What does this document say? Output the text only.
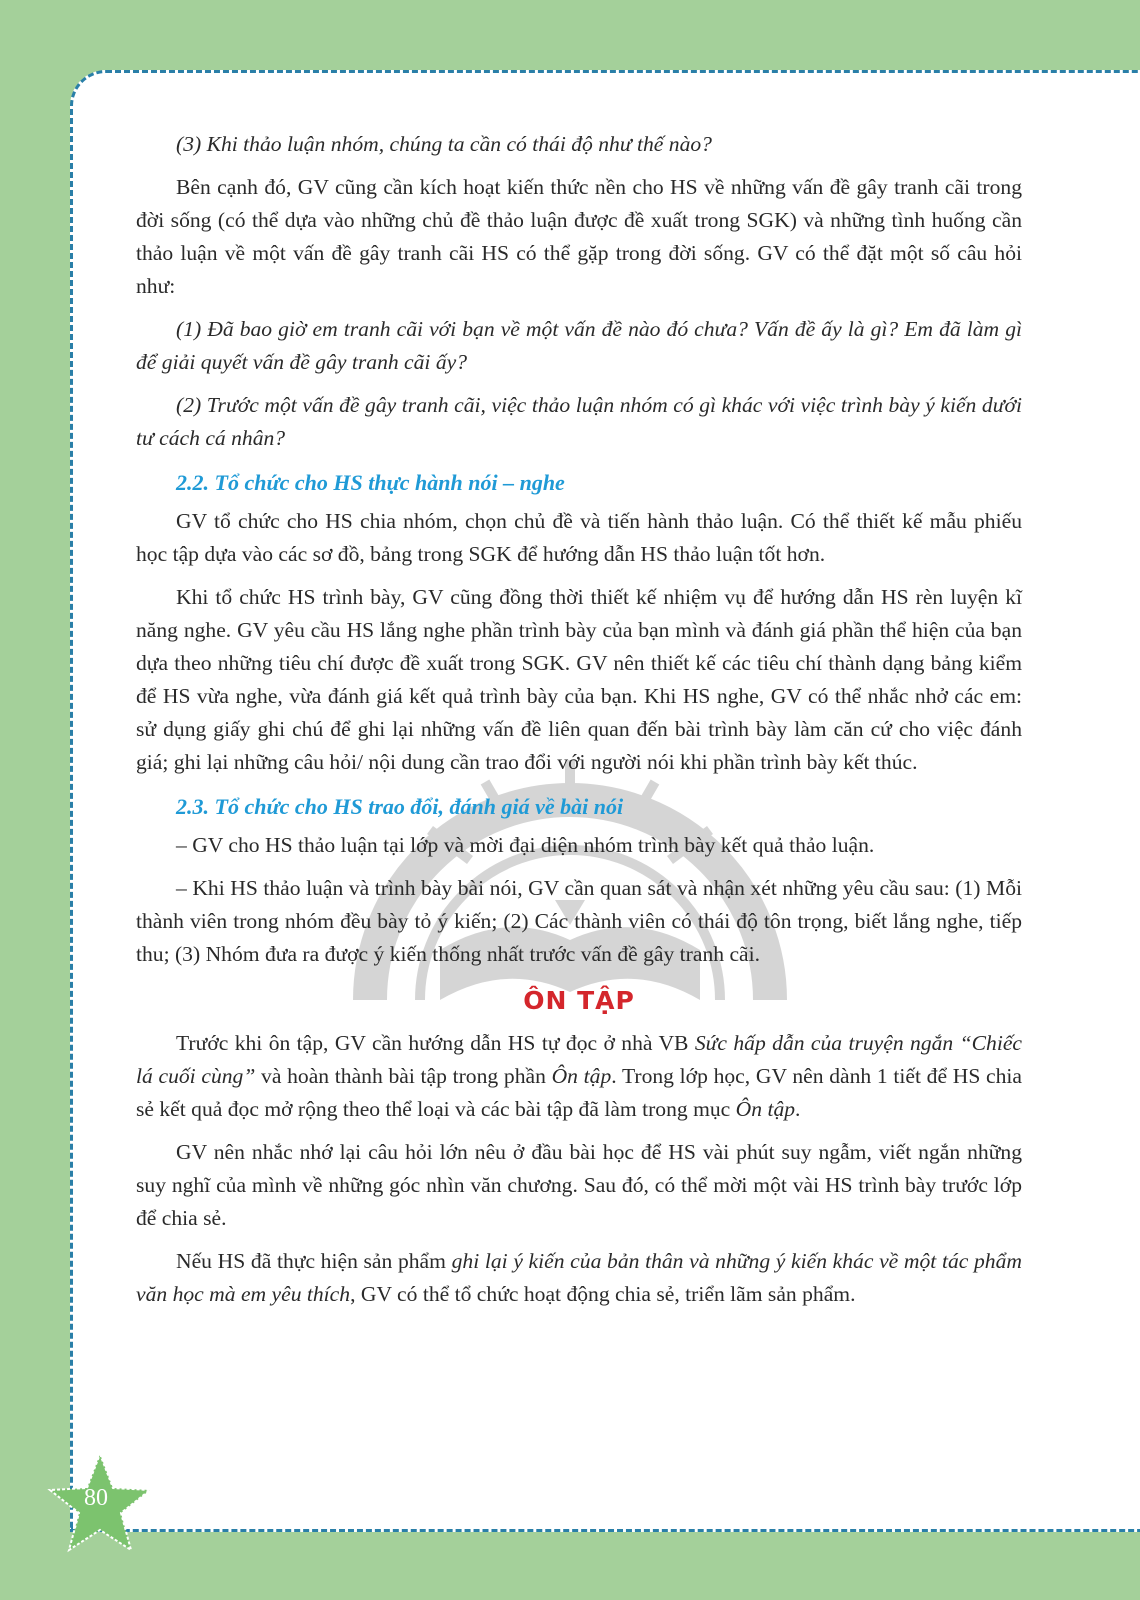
(3) Khi thảo luận nhóm, chúng ta cần có thái độ như thế nào?

Bên cạnh đó, GV cũng cần kích hoạt kiến thức nền cho HS về những vấn đề gây tranh cãi trong đời sống (có thể dựa vào những chủ đề thảo luận được đề xuất trong SGK) và những tình huống cần thảo luận về một vấn đề gây tranh cãi HS có thể gặp trong đời sống. GV có thể đặt một số câu hỏi như:

(1) Đã bao giờ em tranh cãi với bạn về một vấn đề nào đó chưa? Vấn đề ấy là gì? Em đã làm gì để giải quyết vấn đề gây tranh cãi ấy?

(2) Trước một vấn đề gây tranh cãi, việc thảo luận nhóm có gì khác với việc trình bày ý kiến dưới tư cách cá nhân?

2.2. Tổ chức cho HS thực hành nói – nghe

GV tổ chức cho HS chia nhóm, chọn chủ đề và tiến hành thảo luận. Có thể thiết kế mẫu phiếu học tập dựa vào các sơ đồ, bảng trong SGK để hướng dẫn HS thảo luận tốt hơn.

Khi tổ chức HS trình bày, GV cũng đồng thời thiết kế nhiệm vụ để hướng dẫn HS rèn luyện kĩ năng nghe. GV yêu cầu HS lắng nghe phần trình bày của bạn mình và đánh giá phần thể hiện của bạn dựa theo những tiêu chí được đề xuất trong SGK. GV nên thiết kế các tiêu chí thành dạng bảng kiểm để HS vừa nghe, vừa đánh giá kết quả trình bày của bạn. Khi HS nghe, GV có thể nhắc nhở các em: sử dụng giấy ghi chú để ghi lại những vấn đề liên quan đến bài trình bày làm căn cứ cho việc đánh giá; ghi lại những câu hỏi/ nội dung cần trao đổi với người nói khi phần trình bày kết thúc.

2.3. Tổ chức cho HS trao đổi, đánh giá về bài nói

– GV cho HS thảo luận tại lớp và mời đại diện nhóm trình bày kết quả thảo luận.

– Khi HS thảo luận và trình bày bài nói, GV cần quan sát và nhận xét những yêu cầu sau: (1) Mỗi thành viên trong nhóm đều bày tỏ ý kiến; (2) Các thành viên có thái độ tôn trọng, biết lắng nghe, tiếp thu; (3) Nhóm đưa ra được ý kiến thống nhất trước vấn đề gây tranh cãi.

ÔN TẬP

Trước khi ôn tập, GV cần hướng dẫn HS tự đọc ở nhà VB Sức hấp dẫn của truyện ngắn “Chiếc lá cuối cùng” và hoàn thành bài tập trong phần Ôn tập. Trong lớp học, GV nên dành 1 tiết để HS chia sẻ kết quả đọc mở rộng theo thể loại và các bài tập đã làm trong mục Ôn tập.

GV nên nhắc nhớ lại câu hỏi lớn nêu ở đầu bài học để HS vài phút suy ngẫm, viết ngắn những suy nghĩ của mình về những góc nhìn văn chương. Sau đó, có thể mời một vài HS trình bày trước lớp để chia sẻ.

Nếu HS đã thực hiện sản phẩm ghi lại ý kiến của bản thân và những ý kiến khác về một tác phẩm văn học mà em yêu thích, GV có thể tổ chức hoạt động chia sẻ, triển lãm sản phẩm.

80
